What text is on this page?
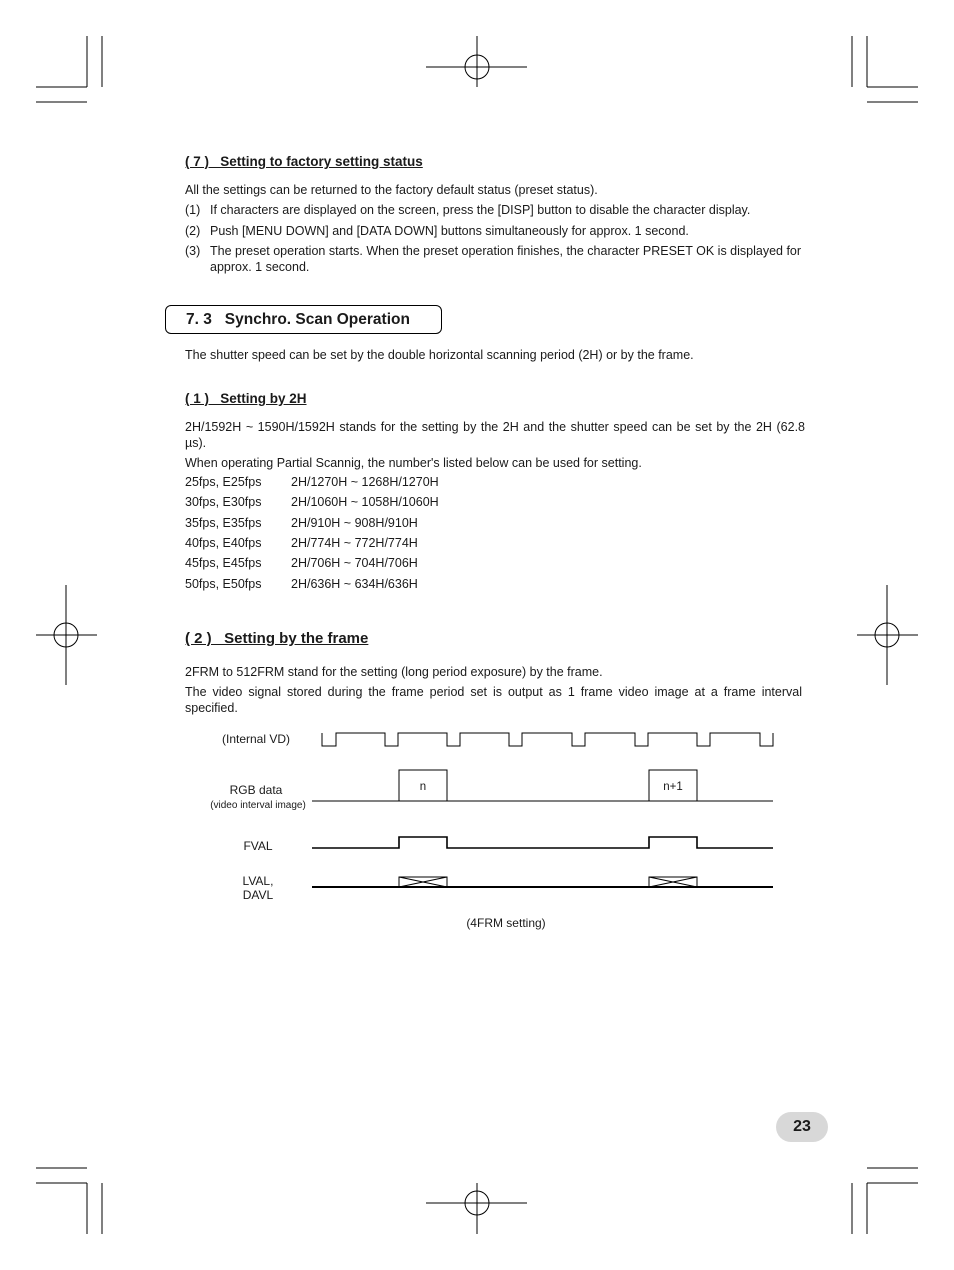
( 7 )   Setting to factory setting status
All the settings can be returned to the factory default status (preset status).
(1) If characters are displayed on the screen, press the [DISP] button to disable the character display.
(2) Push [MENU DOWN] and [DATA DOWN] buttons simultaneously for approx. 1 second.
(3) The preset operation starts. When the preset operation finishes, the character PRESET OK is displayed for approx. 1 second.
7. 3   Synchro. Scan Operation
The shutter speed can be set by the double horizontal scanning period (2H) or by the frame.
( 1 )   Setting by 2H
2H/1592H ~ 1590H/1592H stands for the setting by the 2H and the shutter speed can be set by the 2H (62.8 µs).
When operating Partial Scannig, the number's listed below can be used for setting.
25fps, E25fps 2H/1270H ~ 1268H/1270H
30fps, E30fps 2H/1060H ~ 1058H/1060H
35fps, E35fps 2H/910H ~ 908H/910H
40fps, E40fps 2H/774H ~ 772H/774H
45fps, E45fps 2H/706H ~ 704H/706H
50fps, E50fps 2H/636H ~ 634H/636H
( 2 )   Setting by the frame
2FRM to 512FRM stand for the setting (long period exposure) by the frame.
The video signal stored during the frame period set is output as 1 frame video image at a frame interval specified.
(Internal VD)
RGB data
(video interval image)
FVAL
LVAL,
DAVL
n	n+1
(4FRM setting)
23
